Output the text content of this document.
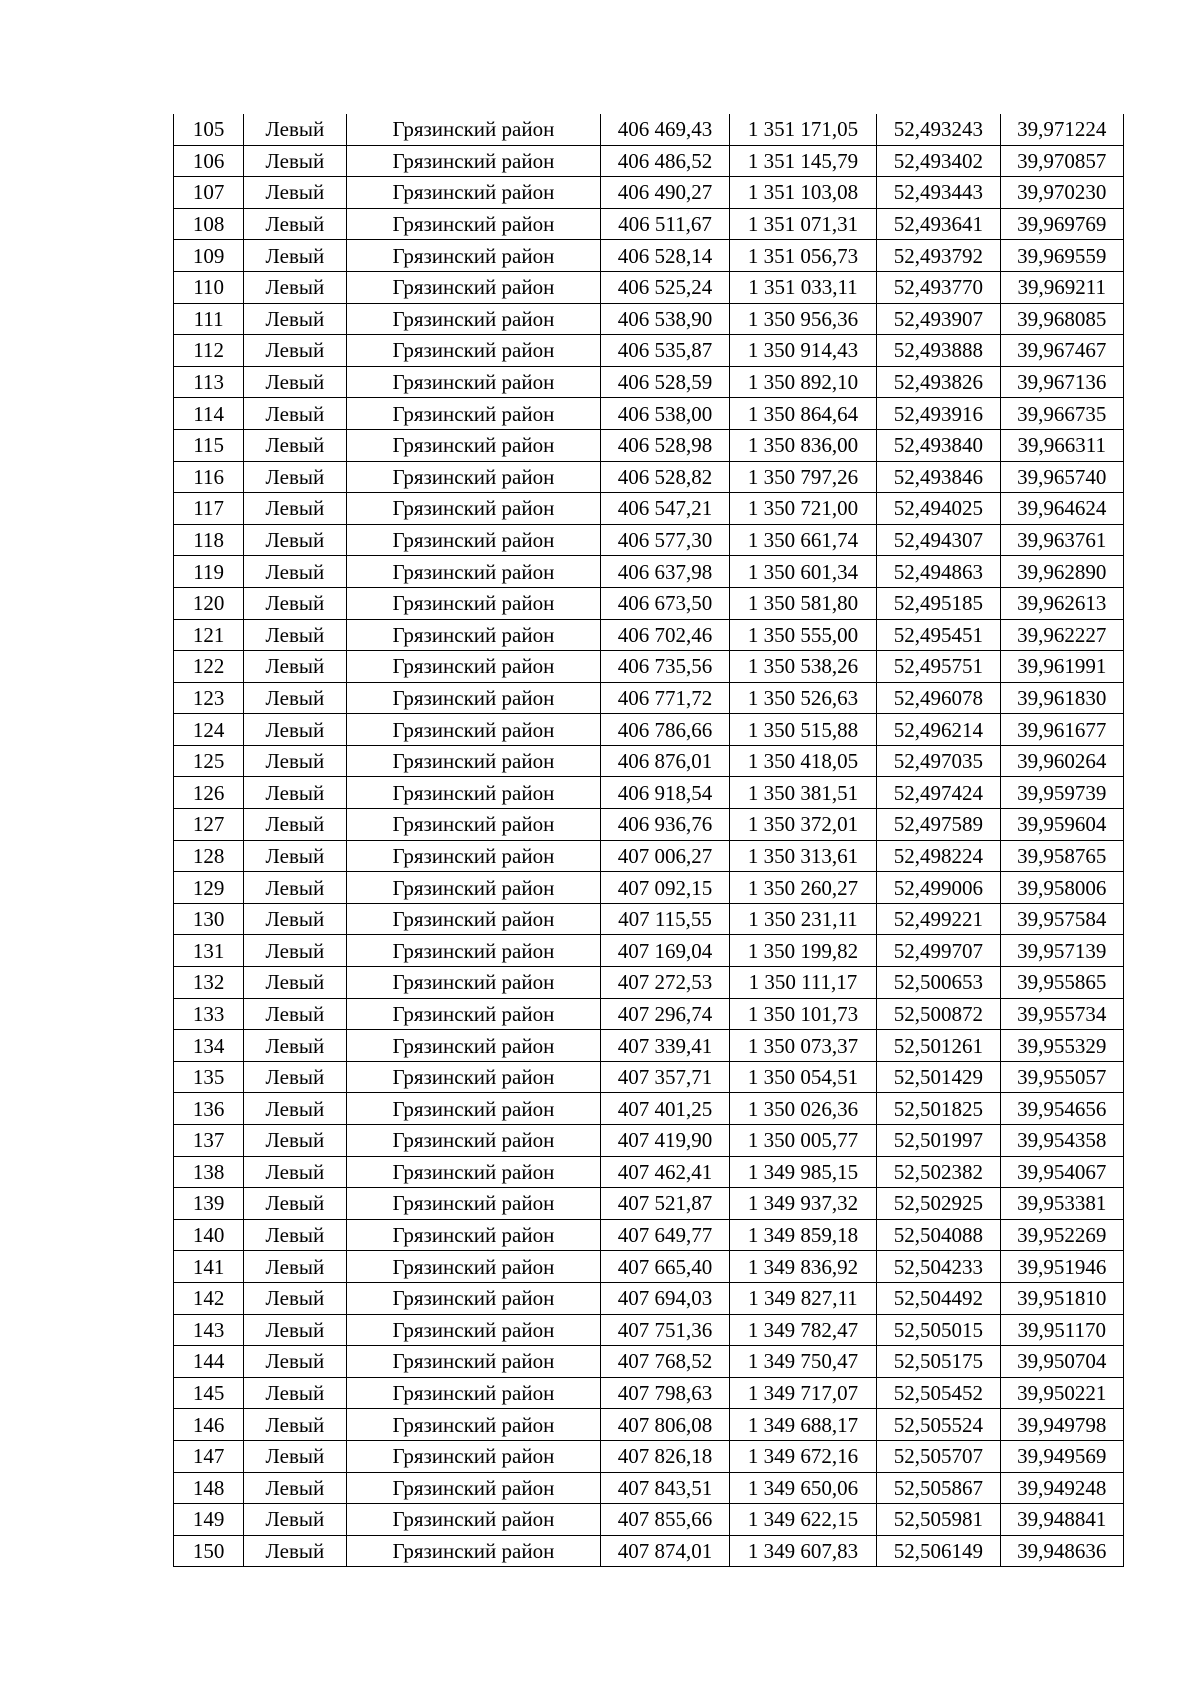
105	Левый	Грязинский район	406 469,43	1 351 171,05	52,493243	39,971224
106	Левый	Грязинский район	406 486,52	1 351 145,79	52,493402	39,970857
107	Левый	Грязинский район	406 490,27	1 351 103,08	52,493443	39,970230
108	Левый	Грязинский район	406 511,67	1 351 071,31	52,493641	39,969769
109	Левый	Грязинский район	406 528,14	1 351 056,73	52,493792	39,969559
110	Левый	Грязинский район	406 525,24	1 351 033,11	52,493770	39,969211
111	Левый	Грязинский район	406 538,90	1 350 956,36	52,493907	39,968085
112	Левый	Грязинский район	406 535,87	1 350 914,43	52,493888	39,967467
113	Левый	Грязинский район	406 528,59	1 350 892,10	52,493826	39,967136
114	Левый	Грязинский район	406 538,00	1 350 864,64	52,493916	39,966735
115	Левый	Грязинский район	406 528,98	1 350 836,00	52,493840	39,966311
116	Левый	Грязинский район	406 528,82	1 350 797,26	52,493846	39,965740
117	Левый	Грязинский район	406 547,21	1 350 721,00	52,494025	39,964624
118	Левый	Грязинский район	406 577,30	1 350 661,74	52,494307	39,963761
119	Левый	Грязинский район	406 637,98	1 350 601,34	52,494863	39,962890
120	Левый	Грязинский район	406 673,50	1 350 581,80	52,495185	39,962613
121	Левый	Грязинский район	406 702,46	1 350 555,00	52,495451	39,962227
122	Левый	Грязинский район	406 735,56	1 350 538,26	52,495751	39,961991
123	Левый	Грязинский район	406 771,72	1 350 526,63	52,496078	39,961830
124	Левый	Грязинский район	406 786,66	1 350 515,88	52,496214	39,961677
125	Левый	Грязинский район	406 876,01	1 350 418,05	52,497035	39,960264
126	Левый	Грязинский район	406 918,54	1 350 381,51	52,497424	39,959739
127	Левый	Грязинский район	406 936,76	1 350 372,01	52,497589	39,959604
128	Левый	Грязинский район	407 006,27	1 350 313,61	52,498224	39,958765
129	Левый	Грязинский район	407 092,15	1 350 260,27	52,499006	39,958006
130	Левый	Грязинский район	407 115,55	1 350 231,11	52,499221	39,957584
131	Левый	Грязинский район	407 169,04	1 350 199,82	52,499707	39,957139
132	Левый	Грязинский район	407 272,53	1 350 111,17	52,500653	39,955865
133	Левый	Грязинский район	407 296,74	1 350 101,73	52,500872	39,955734
134	Левый	Грязинский район	407 339,41	1 350 073,37	52,501261	39,955329
135	Левый	Грязинский район	407 357,71	1 350 054,51	52,501429	39,955057
136	Левый	Грязинский район	407 401,25	1 350 026,36	52,501825	39,954656
137	Левый	Грязинский район	407 419,90	1 350 005,77	52,501997	39,954358
138	Левый	Грязинский район	407 462,41	1 349 985,15	52,502382	39,954067
139	Левый	Грязинский район	407 521,87	1 349 937,32	52,502925	39,953381
140	Левый	Грязинский район	407 649,77	1 349 859,18	52,504088	39,952269
141	Левый	Грязинский район	407 665,40	1 349 836,92	52,504233	39,951946
142	Левый	Грязинский район	407 694,03	1 349 827,11	52,504492	39,951810
143	Левый	Грязинский район	407 751,36	1 349 782,47	52,505015	39,951170
144	Левый	Грязинский район	407 768,52	1 349 750,47	52,505175	39,950704
145	Левый	Грязинский район	407 798,63	1 349 717,07	52,505452	39,950221
146	Левый	Грязинский район	407 806,08	1 349 688,17	52,505524	39,949798
147	Левый	Грязинский район	407 826,18	1 349 672,16	52,505707	39,949569
148	Левый	Грязинский район	407 843,51	1 349 650,06	52,505867	39,949248
149	Левый	Грязинский район	407 855,66	1 349 622,15	52,505981	39,948841
150	Левый	Грязинский район	407 874,01	1 349 607,83	52,506149	39,948636
